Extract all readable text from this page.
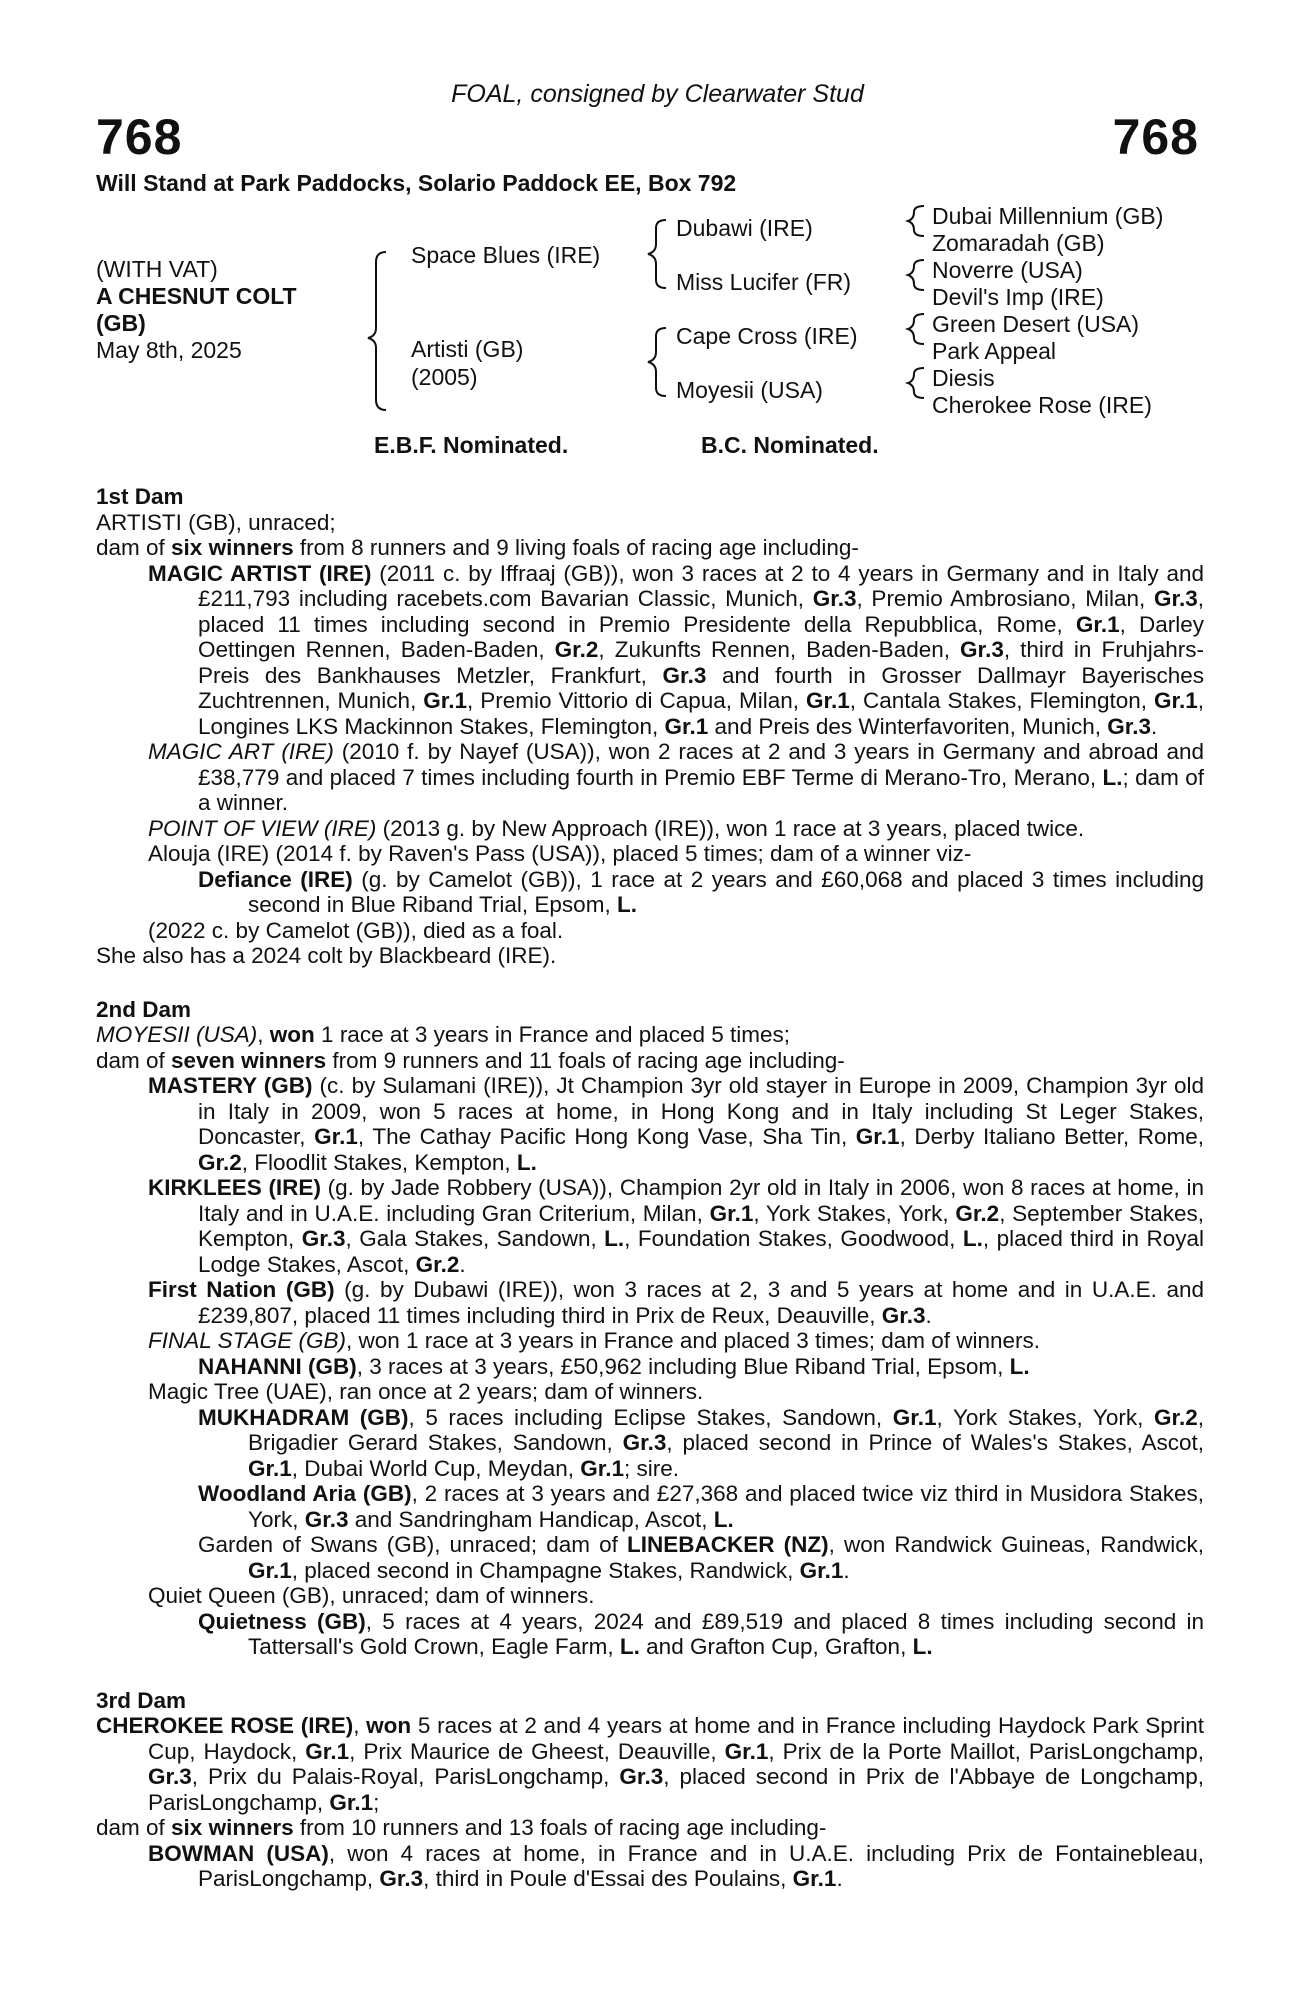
FOAL, consigned by Clearwater Stud
768	768
Will Stand at Park Paddocks, Solario Paddock EE, Box 792
(WITH VAT)
A CHESNUT COLT
(GB)
May 8th, 2025
Space Blues (IRE)
Artisti (GB)
(2005)
Dubawi (IRE)
Miss Lucifer (FR)
Cape Cross (IRE)
Moyesii (USA)
Dubai Millennium (GB)
Zomaradah (GB)
Noverre (USA)
Devil's Imp (IRE)
Green Desert (USA)
Park Appeal
Diesis
Cherokee Rose (IRE)
E.B.F. Nominated.	B.C. Nominated.

1st Dam

ARTISTI (GB), unraced;

dam of six winners from 8 runners and 9 living foals of racing age including-

MAGIC ARTIST (IRE) (2011 c. by Iffraaj (GB)), won 3 races at 2 to 4 years in Germany and in Italy and £211,793 including racebets.com Bavarian Classic, Munich, Gr.3, Premio Ambrosiano, Milan, Gr.3, placed 11 times including second in Premio Presidente della Repubblica, Rome, Gr.1, Darley Oettingen Rennen, Baden-Baden, Gr.2, Zukunfts Rennen, Baden-Baden, Gr.3, third in Fruhjahrs-Preis des Bankhauses Metzler, Frankfurt, Gr.3 and fourth in Grosser Dallmayr Bayerisches Zuchtrennen, Munich, Gr.1, Premio Vittorio di Capua, Milan, Gr.1, Cantala Stakes, Flemington, Gr.1, Longines LKS Mackinnon Stakes, Flemington, Gr.1 and Preis des Winterfavoriten, Munich, Gr.3.

MAGIC ART (IRE) (2010 f. by Nayef (USA)), won 2 races at 2 and 3 years in Germany and abroad and £38,779 and placed 7 times including fourth in Premio EBF Terme di Merano-Tro, Merano, L.; dam of a winner.

POINT OF VIEW (IRE) (2013 g. by New Approach (IRE)), won 1 race at 3 years, placed twice.

Alouja (IRE) (2014 f. by Raven's Pass (USA)), placed 5 times; dam of a winner viz-

Defiance (IRE) (g. by Camelot (GB)), 1 race at 2 years and £60,068 and placed 3 times including second in Blue Riband Trial, Epsom, L.

(2022 c. by Camelot (GB)), died as a foal.

She also has a 2024 colt by Blackbeard (IRE).

2nd Dam

MOYESII (USA), won 1 race at 3 years in France and placed 5 times;

dam of seven winners from 9 runners and 11 foals of racing age including-

MASTERY (GB) (c. by Sulamani (IRE)), Jt Champion 3yr old stayer in Europe in 2009, Champion 3yr old in Italy in 2009, won 5 races at home, in Hong Kong and in Italy including St Leger Stakes, Doncaster, Gr.1, The Cathay Pacific Hong Kong Vase, Sha Tin, Gr.1, Derby Italiano Better, Rome, Gr.2, Floodlit Stakes, Kempton, L.

KIRKLEES (IRE) (g. by Jade Robbery (USA)), Champion 2yr old in Italy in 2006, won 8 races at home, in Italy and in U.A.E. including Gran Criterium, Milan, Gr.1, York Stakes, York, Gr.2, September Stakes, Kempton, Gr.3, Gala Stakes, Sandown, L., Foundation Stakes, Goodwood, L., placed third in Royal Lodge Stakes, Ascot, Gr.2.

First Nation (GB) (g. by Dubawi (IRE)), won 3 races at 2, 3 and 5 years at home and in U.A.E. and £239,807, placed 11 times including third in Prix de Reux, Deauville, Gr.3.

FINAL STAGE (GB), won 1 race at 3 years in France and placed 3 times; dam of winners.

NAHANNI (GB), 3 races at 3 years, £50,962 including Blue Riband Trial, Epsom, L.

Magic Tree (UAE), ran once at 2 years; dam of winners.

MUKHADRAM (GB), 5 races including Eclipse Stakes, Sandown, Gr.1, York Stakes, York, Gr.2, Brigadier Gerard Stakes, Sandown, Gr.3, placed second in Prince of Wales's Stakes, Ascot, Gr.1, Dubai World Cup, Meydan, Gr.1; sire.

Woodland Aria (GB), 2 races at 3 years and £27,368 and placed twice viz third in Musidora Stakes, York, Gr.3 and Sandringham Handicap, Ascot, L.

Garden of Swans (GB), unraced; dam of LINEBACKER (NZ), won Randwick Guineas, Randwick, Gr.1, placed second in Champagne Stakes, Randwick, Gr.1.

Quiet Queen (GB), unraced; dam of winners.

Quietness (GB), 5 races at 4 years, 2024 and £89,519 and placed 8 times including second in Tattersall's Gold Crown, Eagle Farm, L. and Grafton Cup, Grafton, L.

3rd Dam

CHEROKEE ROSE (IRE), won 5 races at 2 and 4 years at home and in France including Haydock Park Sprint Cup, Haydock, Gr.1, Prix Maurice de Gheest, Deauville, Gr.1, Prix de la Porte Maillot, ParisLongchamp, Gr.3, Prix du Palais-Royal, ParisLongchamp, Gr.3, placed second in Prix de l'Abbaye de Longchamp, ParisLongchamp, Gr.1;

dam of six winners from 10 runners and 13 foals of racing age including-

BOWMAN (USA), won 4 races at home, in France and in U.A.E. including Prix de Fontainebleau, ParisLongchamp, Gr.3, third in Poule d'Essai des Poulains, Gr.1.
